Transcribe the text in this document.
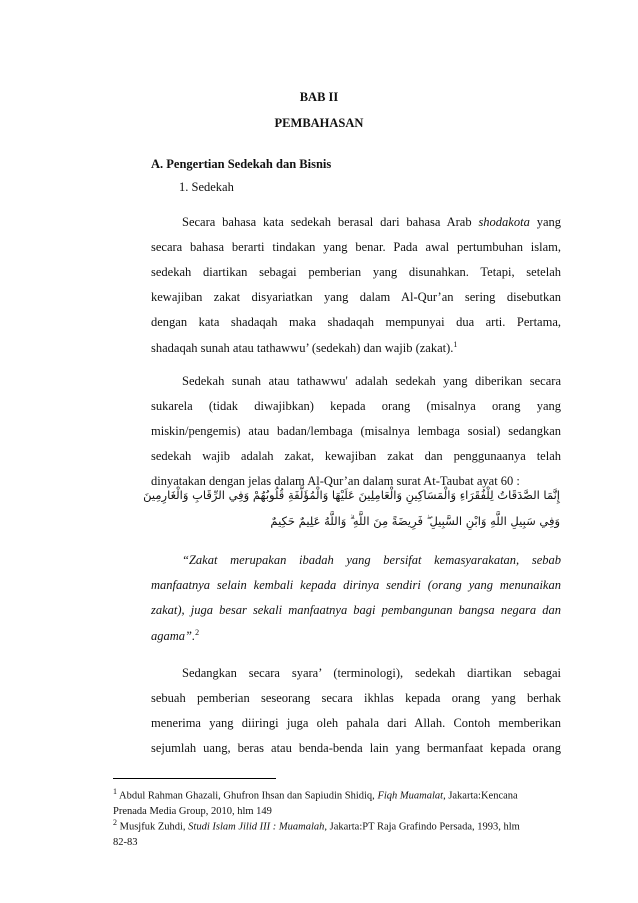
BAB II
PEMBAHASAN
A. Pengertian Sedekah dan Bisnis
1. Sedekah
Secara bahasa kata sedekah berasal dari bahasa Arab shodakota yang
secara bahasa berarti tindakan yang benar. Pada awal pertumbuhan islam,
sedekah diartikan sebagai pemberian yang disunahkan. Tetapi, setelah
kewajiban zakat disyariatkan yang dalam Al-Qur’an sering disebutkan
dengan kata shadaqah maka shadaqah mempunyai dua arti. Pertama,
shadaqah sunah atau tathawwu’ (sedekah) dan wajib (zakat).$^1$
Sedekah sunah atau tathawwu' adalah sedekah yang diberikan secara
sukarela (tidak diwajibkan) kepada orang (misalnya orang yang
miskin/pengemis) atau badan/lembaga (misalnya lembaga sosial) sedangkan
sedekah wajib adalah zakat, kewajiban zakat dan penggunaanya telah
dinyatakan dengan jelas dalam Al-Qur’an dalam surat At-Taubat ayat 60 :
إِنَّمَا الصَّدَقَاتُ لِلْفُقَرَاءِ وَالْمَسَاكِينِ وَالْعَامِلِينَ عَلَيْهَا وَالْمُؤَلَّفَةِ قُلُوبُهُمْ وَفِي الرِّقَابِ وَالْغَارِمِينَ
وَفِي سَبِيلِ اللَّهِ وَابْنِ السَّبِيلِ ۖ فَرِيضَةً مِنَ اللَّهِ ۗ وَاللَّهُ عَلِيمٌ حَكِيمٌ
“Zakat merupakan ibadah yang bersifat kemasyarakatan, sebab
manfaatnya selain kembali kepada dirinya sendiri (orang yang menunaikan
zakat), juga besar sekali manfaatnya bagi pembangunan bangsa negara dan
agama”.$^2$
Sedangkan secara syara’ (terminologi), sedekah diartikan sebagai
sebuah pemberian seseorang secara ikhlas kepada orang yang berhak
menerima yang diiringi juga oleh pahala dari Allah. Contoh memberikan
sejumlah uang, beras atau benda-benda lain yang bermanfaat kepada orang
$^1$ Abdul Rahman Ghazali, Ghufron Ihsan dan Sapiudin Shidiq, Fiqh Muamalat, Jakarta:Kencana
Prenada Media Group, 2010, hlm 149
$^2$ Musjfuk Zuhdi, Studi Islam Jilid III : Muamalah, Jakarta:PT Raja Grafindo Persada, 1993, hlm
82-83
